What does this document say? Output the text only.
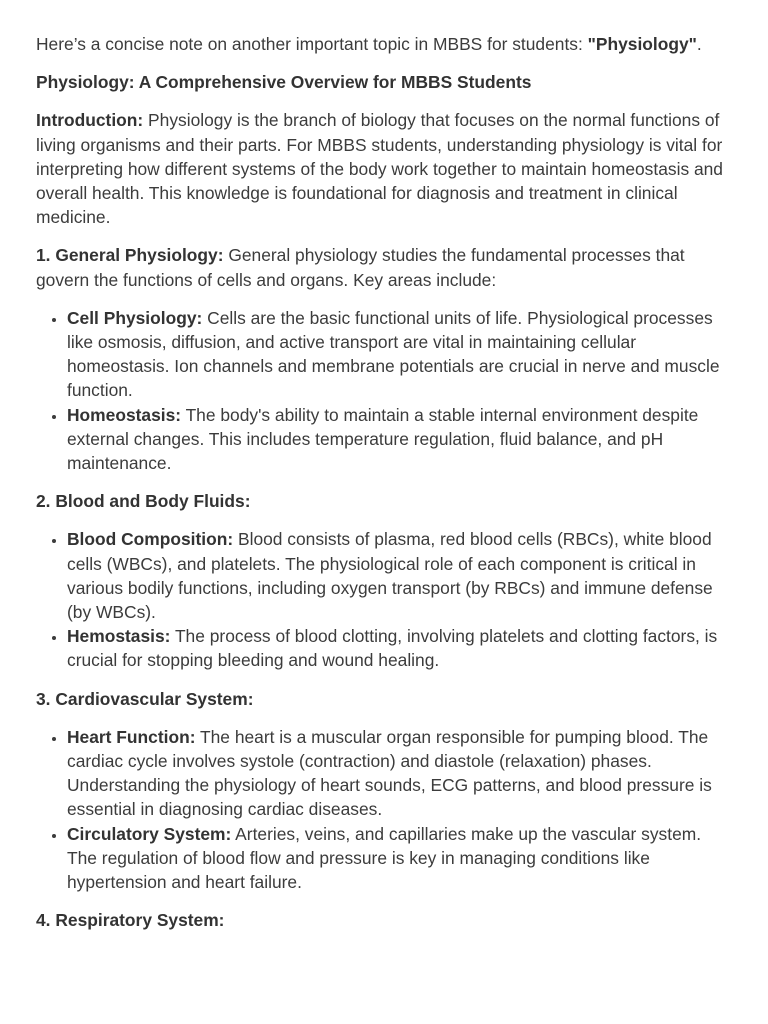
Here’s a concise note on another important topic in MBBS for students: "Physiology".

Physiology: A Comprehensive Overview for MBBS Students

Introduction: Physiology is the branch of biology that focuses on the normal functions of living organisms and their parts. For MBBS students, understanding physiology is vital for interpreting how different systems of the body work together to maintain homeostasis and overall health. This knowledge is foundational for diagnosis and treatment in clinical medicine.

1. General Physiology: General physiology studies the fundamental processes that govern the functions of cells and organs. Key areas include:

• Cell Physiology: Cells are the basic functional units of life. Physiological processes like osmosis, diffusion, and active transport are vital in maintaining cellular homeostasis. Ion channels and membrane potentials are crucial in nerve and muscle function.
• Homeostasis: The body's ability to maintain a stable internal environment despite external changes. This includes temperature regulation, fluid balance, and pH maintenance.

2. Blood and Body Fluids:

• Blood Composition: Blood consists of plasma, red blood cells (RBCs), white blood cells (WBCs), and platelets. The physiological role of each component is critical in various bodily functions, including oxygen transport (by RBCs) and immune defense (by WBCs).
• Hemostasis: The process of blood clotting, involving platelets and clotting factors, is crucial for stopping bleeding and wound healing.

3. Cardiovascular System:

• Heart Function: The heart is a muscular organ responsible for pumping blood. The cardiac cycle involves systole (contraction) and diastole (relaxation) phases. Understanding the physiology of heart sounds, ECG patterns, and blood pressure is essential in diagnosing cardiac diseases.
• Circulatory System: Arteries, veins, and capillaries make up the vascular system. The regulation of blood flow and pressure is key in managing conditions like hypertension and heart failure.

4. Respiratory System:
